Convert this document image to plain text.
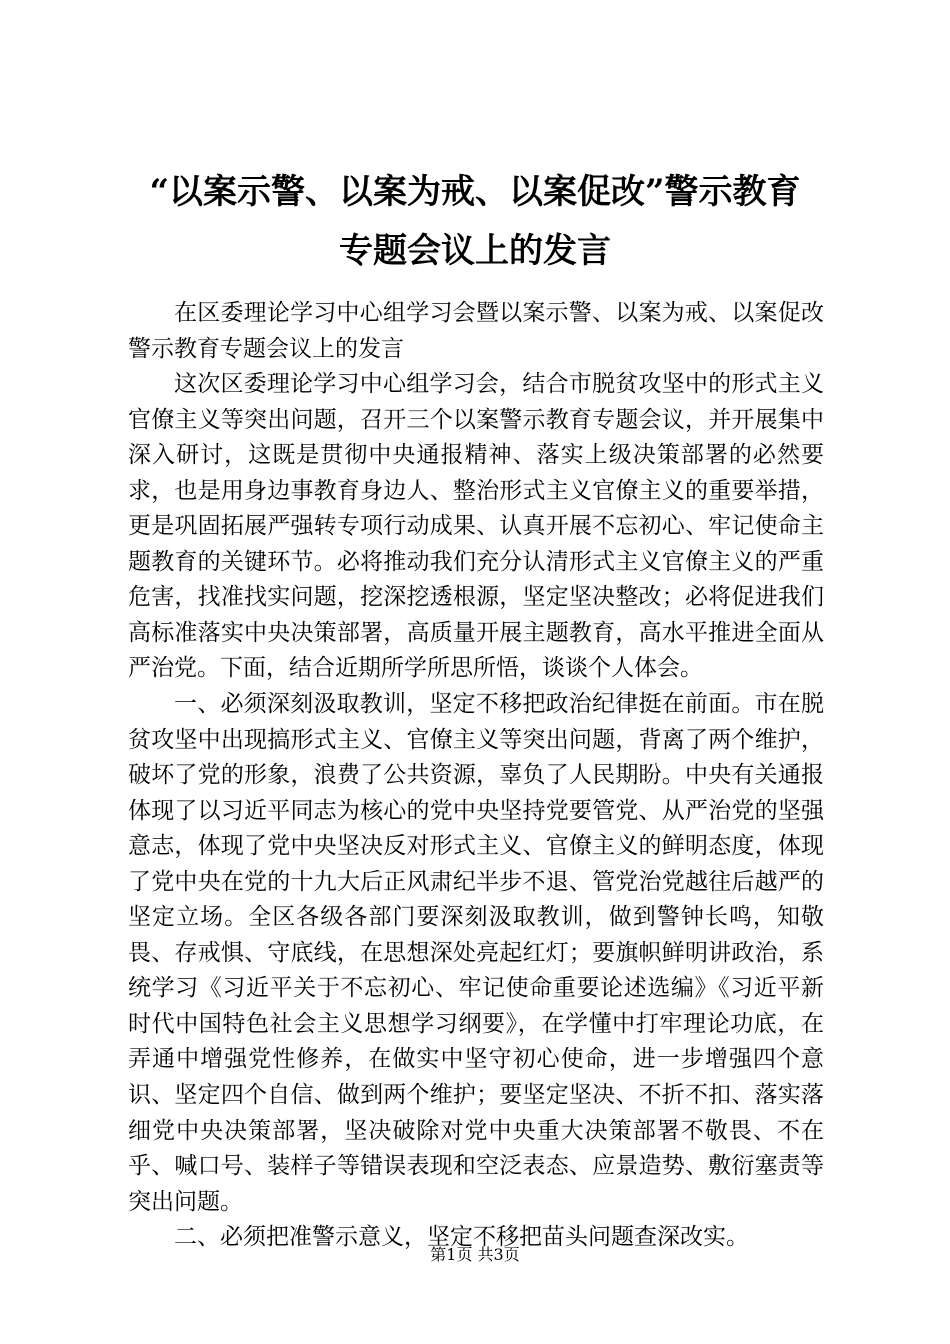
“以案示警、以案为戒、以案促改”警示教育
专题会议上的发言

在区委理论学习中心组学习会暨以案示警、以案为戒、以案促改警示教育专题会议上的发言

这次区委理论学习中心组学习会，结合市脱贫攻坚中的形式主义官僚主义等突出问题，召开三个以案警示教育专题会议，并开展集中深入研讨，这既是贯彻中央通报精神、落实上级决策部署的必然要求，也是用身边事教育身边人、整治形式主义官僚主义的重要举措，更是巩固拓展严强转专项行动成果、认真开展不忘初心、牢记使命主题教育的关键环节。必将推动我们充分认清形式主义官僚主义的严重危害，找准找实问题，挖深挖透根源，坚定坚决整改；必将促进我们高标准落实中央决策部署，高质量开展主题教育，高水平推进全面从严治党。下面，结合近期所学所思所悟，谈谈个人体会。

一、必须深刻汲取教训，坚定不移把政治纪律挺在前面。市在脱贫攻坚中出现搞形式主义、官僚主义等突出问题，背离了两个维护，破坏了党的形象，浪费了公共资源，辜负了人民期盼。中央有关通报体现了以习近平同志为核心的党中央坚持党要管党、从严治党的坚强意志，体现了党中央坚决反对形式主义、官僚主义的鲜明态度，体现了党中央在党的十九大后正风肃纪半步不退、管党治党越往后越严的坚定立场。全区各级各部门要深刻汲取教训，做到警钟长鸣，知敬畏、存戒惧、守底线，在思想深处亮起红灯；要旗帜鲜明讲政治，系统学习《习近平关于不忘初心、牢记使命重要论述选编》《习近平新时代中国特色社会主义思想学习纲要》，在学懂中打牢理论功底，在弄通中增强党性修养，在做实中坚守初心使命，进一步增强四个意识、坚定四个自信、做到两个维护；要坚定坚决、不折不扣、落实落细党中央决策部署，坚决破除对党中央重大决策部署不敬畏、不在乎、喊口号、装样子等错误表现和空泛表态、应景造势、敷衍塞责等突出问题。

二、必须把准警示意义，坚定不移把苗头问题查深改实。

第1页 共3页
